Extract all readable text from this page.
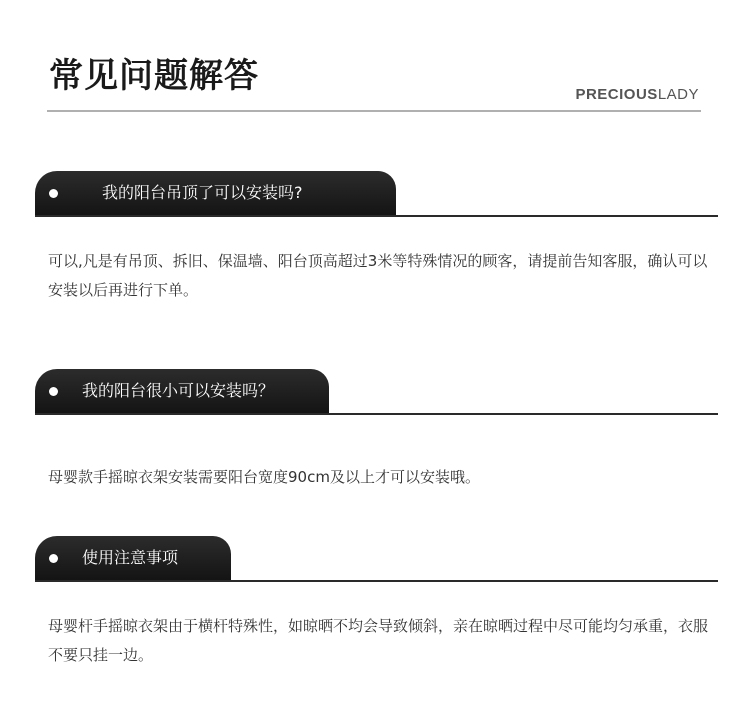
常见问题解答	PRECIOUSLADY
我的阳台吊顶了可以安装吗?
可以,凡是有吊顶、拆旧、保温墙、阳台顶高超过3米等特殊情况的顾客，请提前告知客服，确认可以安装以后再进行下单。
我的阳台很小可以安装吗？
母婴款手摇晾衣架安装需要阳台宽度90cm及以上才可以安装哦。
使用注意事项
母婴杆手摇晾衣架由于横杆特殊性，如晾晒不均会导致倾斜，亲在晾晒过程中尽可能均匀承重，衣服不要只挂一边。
